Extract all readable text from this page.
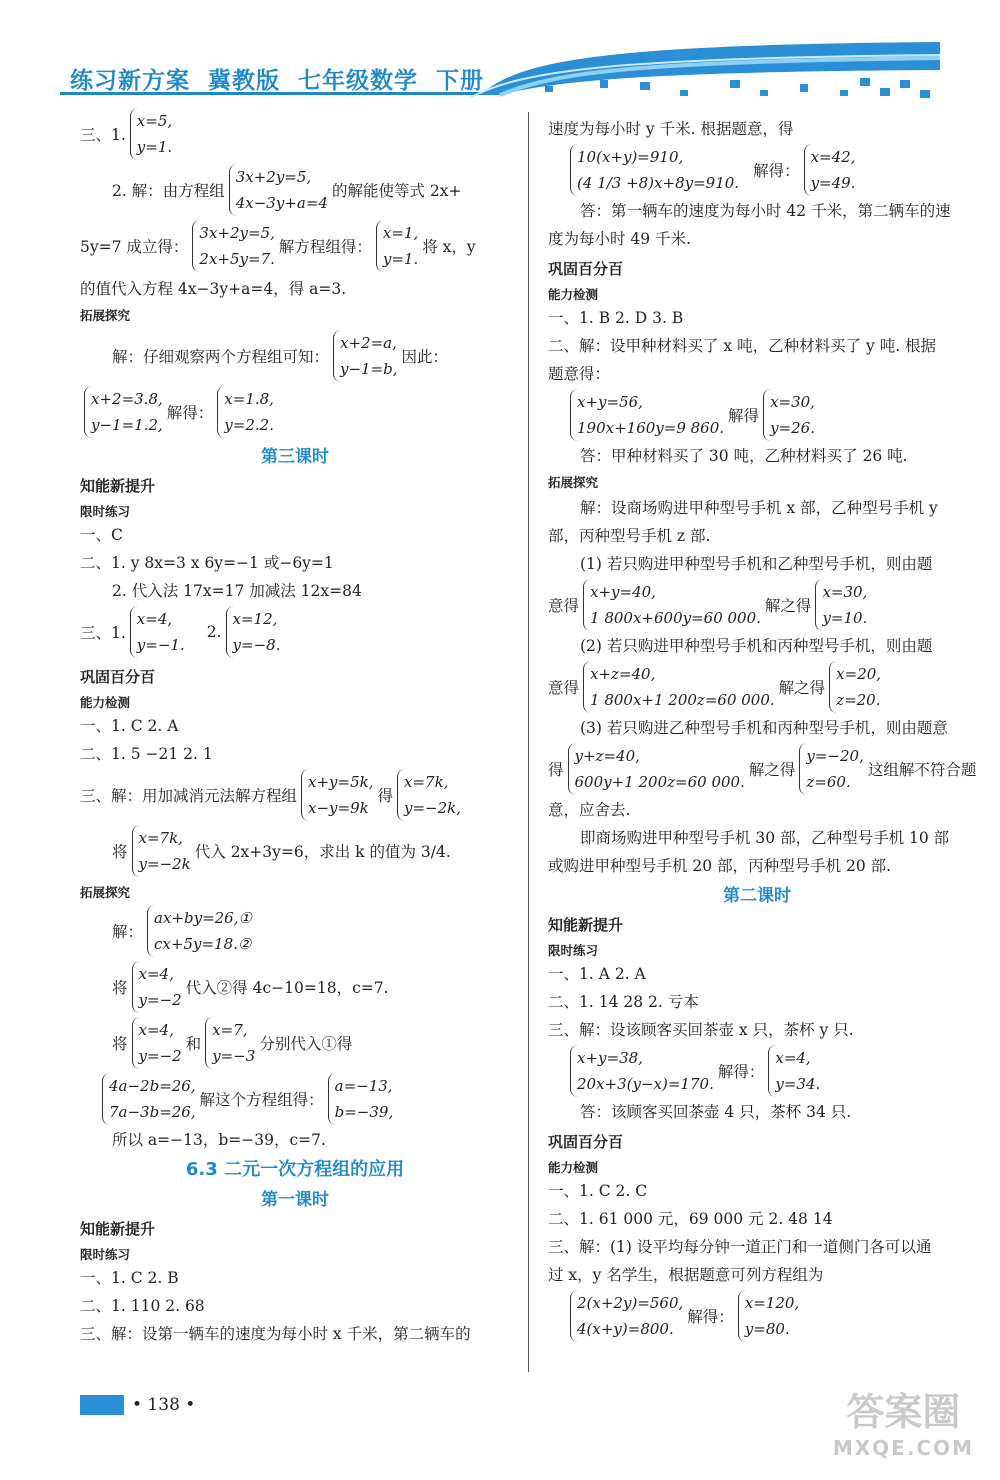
练习新方案 冀教版 七年级数学 下册
三、1.
x=5,
y=1.
2. 解：由方程组
3x+2y=5,
4x−3y+a=4
的解能使等式 2x+
5y=7 成立得：
3x+2y=5,
2x+5y=7.
解方程组得：
x=1,
y=1.
将 x，y
的值代入方程 4x−3y+a=4，得 a=3.
拓展探究
解：仔细观察两个方程组可知：
x+2=a,
y−1=b,
因此：
x+2=3.8,
y−1=1.2,
解得：
x=1.8,
y=2.2.
第三课时
知能新提升
限时练习
一、C
二、1. y 8x=3 x 6y=−1 或−6y=1
2. 代入法 17x=17 加减法 12x=84
三、1.
x=4,
y=−1.
2.
x=12,
y=−8.
巩固百分百
能力检测
一、1. C 2. A
二、1. 5 −21 2. 1
三、解：用加减消元法解方程组
x+y=5k,
x−y=9k
得
x=7k,
y=−2k,
将
x=7k,
y=−2k
代入 2x+3y=6，求出 k 的值为 3/4.
拓展探究
解：
ax+by=26,①
cx+5y=18.②
将
x=4,
y=−2
代入②得 4c−10=18，c=7.
将
x=4,
y=−2
和
x=7,
y=−3
分别代入①得
4a−2b=26,
7a−3b=26,
解这个方程组得：
a=−13,
b=−39,
所以 a=−13，b=−39，c=7.
6.3 二元一次方程组的应用
第一课时
知能新提升
限时练习
一、1. C 2. B
二、1. 110 2. 68
三、解：设第一辆车的速度为每小时 x 千米，第二辆车的
速度为每小时 y 千米. 根据题意，得
10(x+y)=910,
(4 1/3 +8)x+8y=910.
解得：
x=42,
y=49.
答：第一辆车的速度为每小时 42 千米，第二辆车的速
度为每小时 49 千米.
巩固百分百
能力检测
一、1. B 2. D 3. B
二、解：设甲种材料买了 x 吨，乙种材料买了 y 吨. 根据
题意得：
x+y=56,
190x+160y=9 860.
解得
x=30,
y=26.
答：甲种材料买了 30 吨，乙种材料买了 26 吨.
拓展探究
解：设商场购进甲种型号手机 x 部，乙种型号手机 y
部，丙种型号手机 z 部.
(1) 若只购进甲种型号手机和乙种型号手机，则由题
意得
x+y=40,
1 800x+600y=60 000.
解之得
x=30,
y=10.
(2) 若只购进甲种型号手机和丙种型号手机，则由题
意得
x+z=40,
1 800x+1 200z=60 000.
解之得
x=20,
z=20.
(3) 若只购进乙种型号手机和丙种型号手机，则由题意
得
y+z=40,
600y+1 200z=60 000.
解之得
y=−20,
z=60.
这组解不符合题
意，应舍去.
即商场购进甲种型号手机 30 部，乙种型号手机 10 部
或购进甲种型号手机 20 部，丙种型号手机 20 部.
第二课时
知能新提升
限时练习
一、1. A 2. A
二、1. 14 28 2. 亏本
三、解：设该顾客买回茶壶 x 只，茶杯 y 只.
x+y=38,
20x+3(y−x)=170.
解得：
x=4,
y=34.
答：该顾客买回茶壶 4 只，茶杯 34 只.
巩固百分百
能力检测
一、1. C 2. C
二、1. 61 000 元，69 000 元 2. 48 14
三、解：(1) 设平均每分钟一道正门和一道侧门各可以通
过 x，y 名学生，根据题意可列方程组为
2(x+2y)=560,
4(x+y)=800.
解得：
x=120,
y=80.
• 138 •	答案圈
MXQE.COM
